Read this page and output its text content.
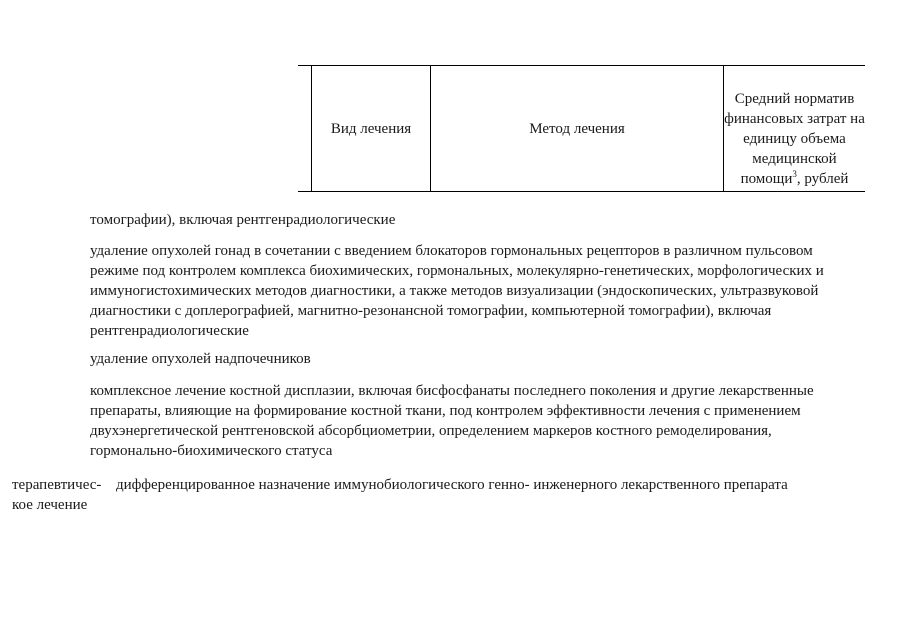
Вид лечения	Метод лечения
Средний норматив финансовых затрат на единицу объема медицинской помощи$^3$, рублей

томографии), включая рентгенрадиологические

удаление опухолей гонад в сочетании с введением блокаторов гормональных рецепторов в различном пульсовом режиме под контролем комплекса биохимических, гормональных, молекулярно-генетических, морфологических и иммуногистохимических методов диагностики, а также методов визуализации (эндоскопических, ультразвуковой диагностики с доплерографией, магнитно-резонансной томографии, компьютерной томографии), включая рентгенрадиологические

удаление опухолей надпочечников

комплексное лечение костной дисплазии, включая бисфосфанаты последнего поколения и другие лекарственные препараты, влияющие на формирование костной ткани, под контролем эффективности лечения с применением двухэнергетической рентгеновской абсорбциометрии, определением маркеров костного ремоделирования, гормонально-биохимического статуса

терапевтичес- кое лечение
дифференцированное назначение иммунобиологического генно- инженерного лекарственного препарата
